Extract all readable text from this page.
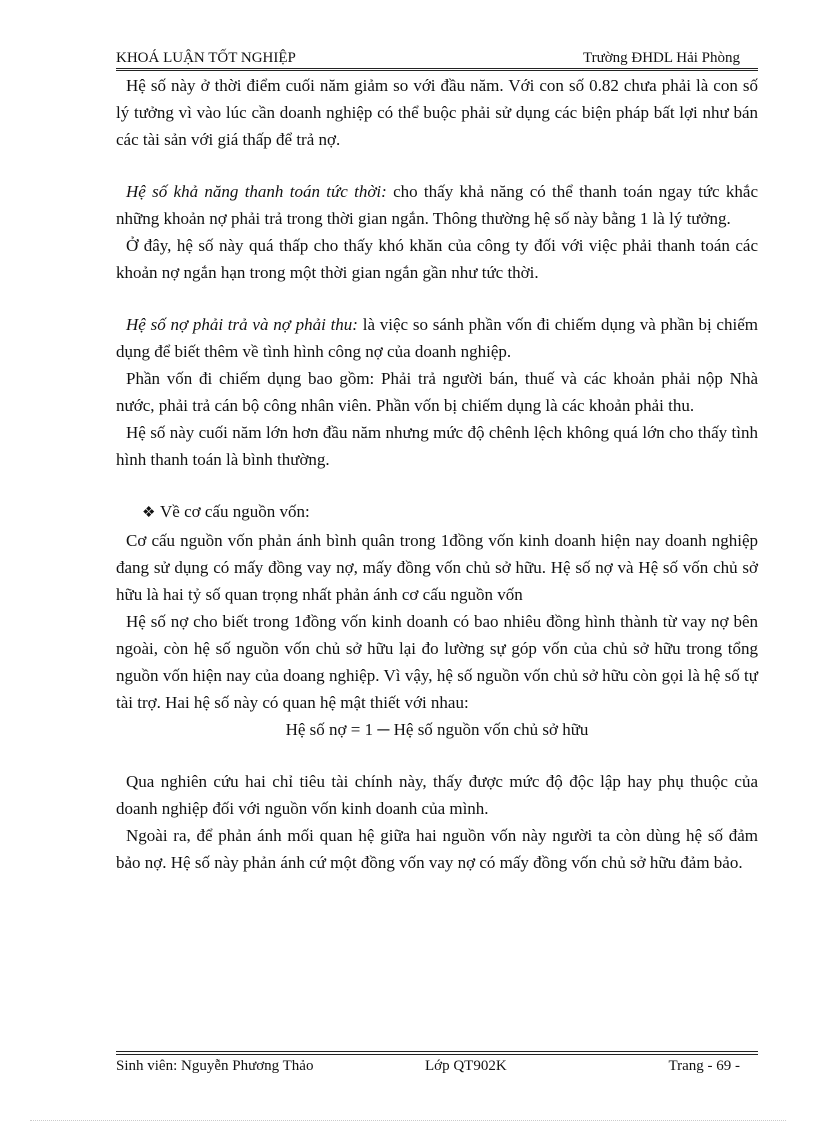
KHOÁ LUẬN TỐT NGHIỆP	Trường ĐHDL Hải Phòng

Hệ số này ở thời điểm cuối năm giảm so với đầu năm. Với con số 0.82 chưa phải là con số lý tưởng vì vào lúc cần doanh nghiệp có thể buộc phải sử dụng các biện pháp bất lợi như bán các tài sản với giá thấp để trả nợ.

Hệ số khả năng thanh toán tức thời: cho thấy khả năng có thể thanh toán ngay tức khắc những khoản nợ phải trả trong thời gian ngắn. Thông thường hệ số này bằng 1 là lý tưởng.

Ở đây, hệ số này quá thấp cho thấy khó khăn của công ty đối với việc phải thanh toán các khoản nợ ngắn hạn trong một thời gian ngắn gần như tức thời.

Hệ số nợ phải trả và nợ phải thu: là việc so sánh phần vốn đi chiếm dụng và phần bị chiếm dụng để biết thêm về tình hình công nợ của doanh nghiệp.

Phần vốn đi chiếm dụng bao gồm: Phải trả người bán, thuế và các khoản phải nộp Nhà nước, phải trả cán bộ công nhân viên. Phần vốn bị chiếm dụng là các khoản phải thu.

Hệ số này cuối năm lớn hơn đầu năm nhưng mức độ chênh lệch không quá lớn cho thấy tình hình thanh toán là bình thường.

❖ Về cơ cấu nguồn vốn:

Cơ cấu nguồn vốn phản ánh bình quân trong 1đồng vốn kinh doanh hiện nay doanh nghiệp đang sử dụng có mấy đồng vay nợ, mấy đồng vốn chủ sở hữu. Hệ số nợ và Hệ số vốn chủ sở hữu là hai tỷ số quan trọng nhất phản ánh cơ cấu nguồn vốn

Hệ số nợ cho biết trong 1đồng vốn kinh doanh có bao nhiêu đồng hình thành từ vay nợ bên ngoài, còn hệ số nguồn vốn chủ sở hữu lại đo lường sự góp vốn của chủ sở hữu trong tổng nguồn vốn hiện nay của doang nghiệp. Vì vậy, hệ số nguồn vốn chủ sở hữu còn gọi là hệ số tự tài trợ. Hai hệ số này có quan hệ mật thiết với nhau:

Hệ số nợ = 1 ─ Hệ số nguồn vốn chủ sở hữu

Qua nghiên cứu hai chỉ tiêu tài chính này, thấy được mức độ độc lập hay phụ thuộc của doanh nghiệp đối với nguồn vốn kinh doanh của mình.

Ngoài ra, để phản ánh mối quan hệ giữa hai nguồn vốn này người ta còn dùng hệ số đảm bảo nợ. Hệ số này phản ánh cứ một đồng vốn vay nợ có mấy đồng vốn chủ sở hữu đảm bảo.

Sinh viên: Nguyễn Phương Thảo	Lớp QT902K	Trang - 69 -
